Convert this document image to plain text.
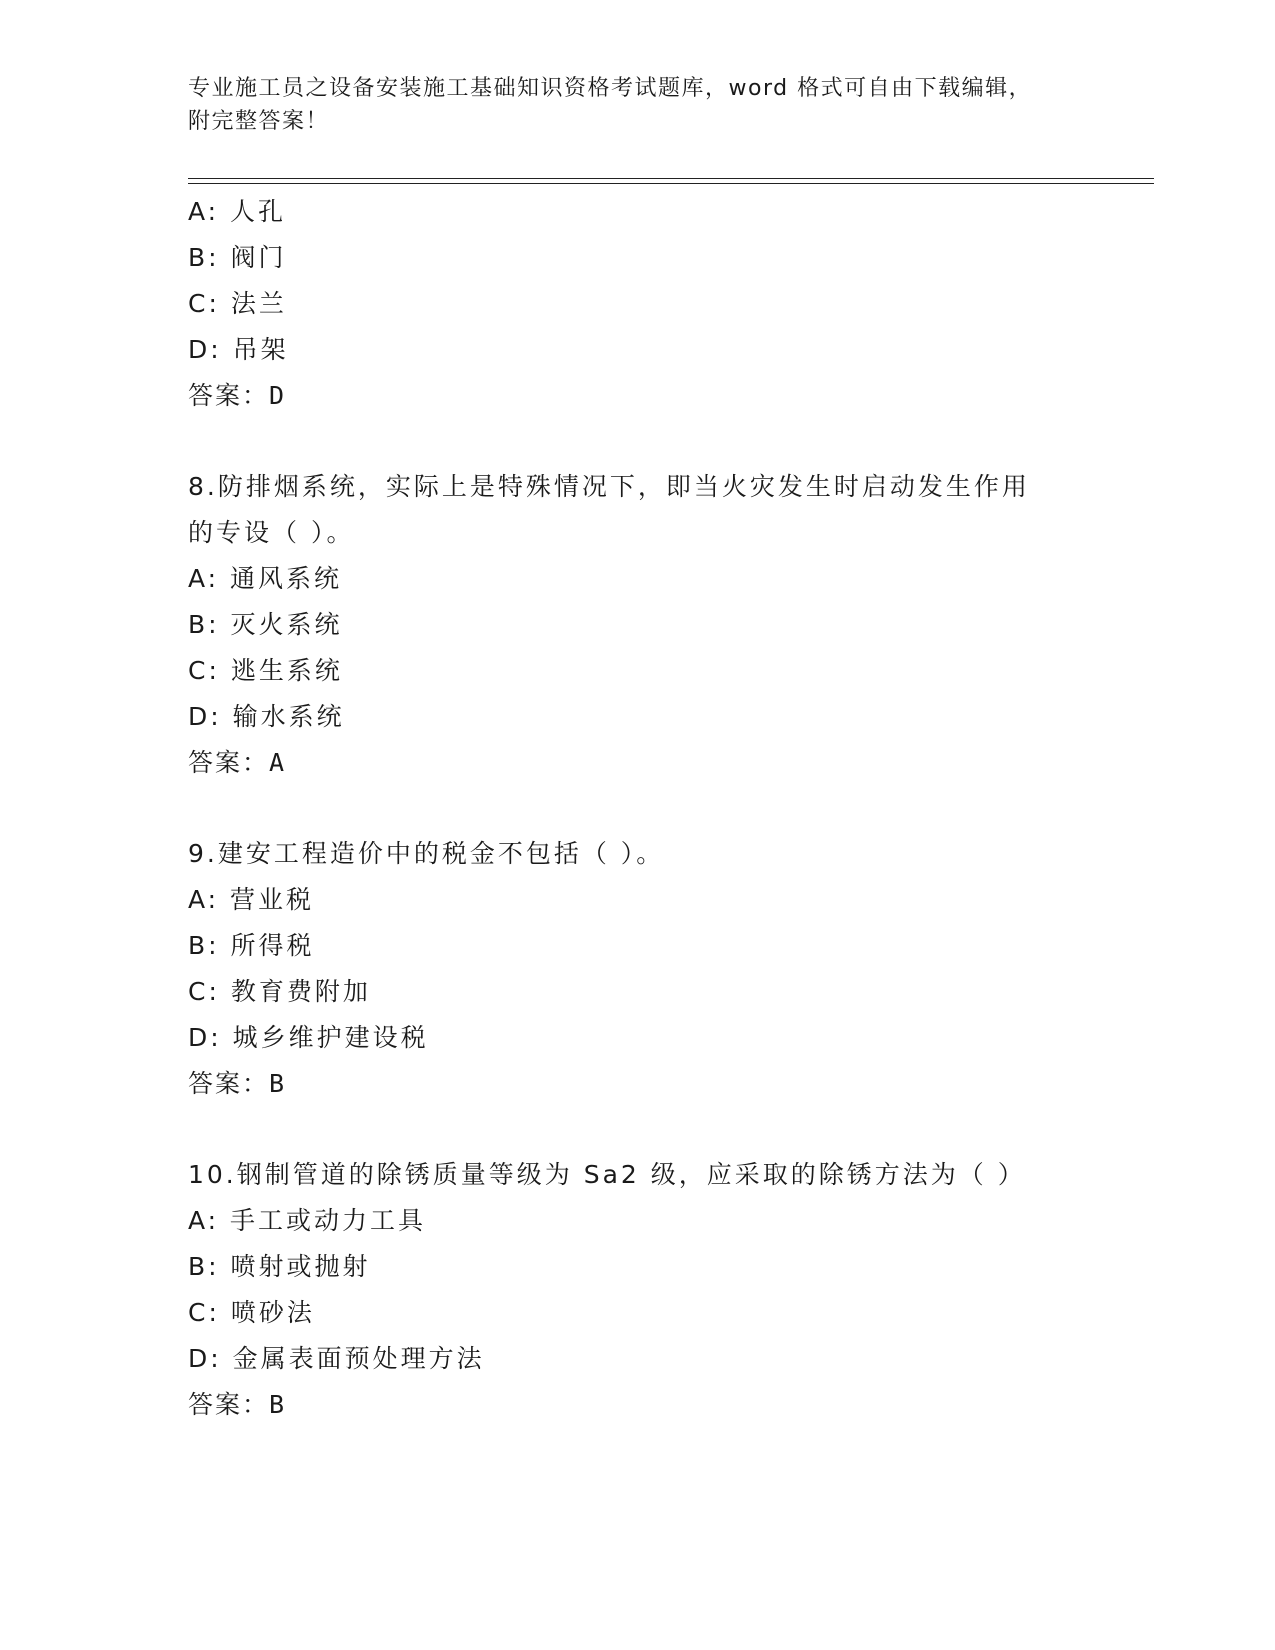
专业施工员之设备安装施工基础知识资格考试题库，word 格式可自由下载编辑，
附完整答案！
A: 人孔
B: 阀门
C: 法兰
D: 吊架
答案：D
8.防排烟系统，实际上是特殊情况下，即当火灾发生时启动发生作用
的专设（ ）。
A: 通风系统
B: 灭火系统
C: 逃生系统
D: 输水系统
答案：A
9.建安工程造价中的税金不包括（ ）。
A: 营业税
B: 所得税
C: 教育费附加
D: 城乡维护建设税
答案：B
10.钢制管道的除锈质量等级为 Sa2 级，应采取的除锈方法为（ ）
A: 手工或动力工具
B: 喷射或抛射
C: 喷砂法
D: 金属表面预处理方法
答案：B
